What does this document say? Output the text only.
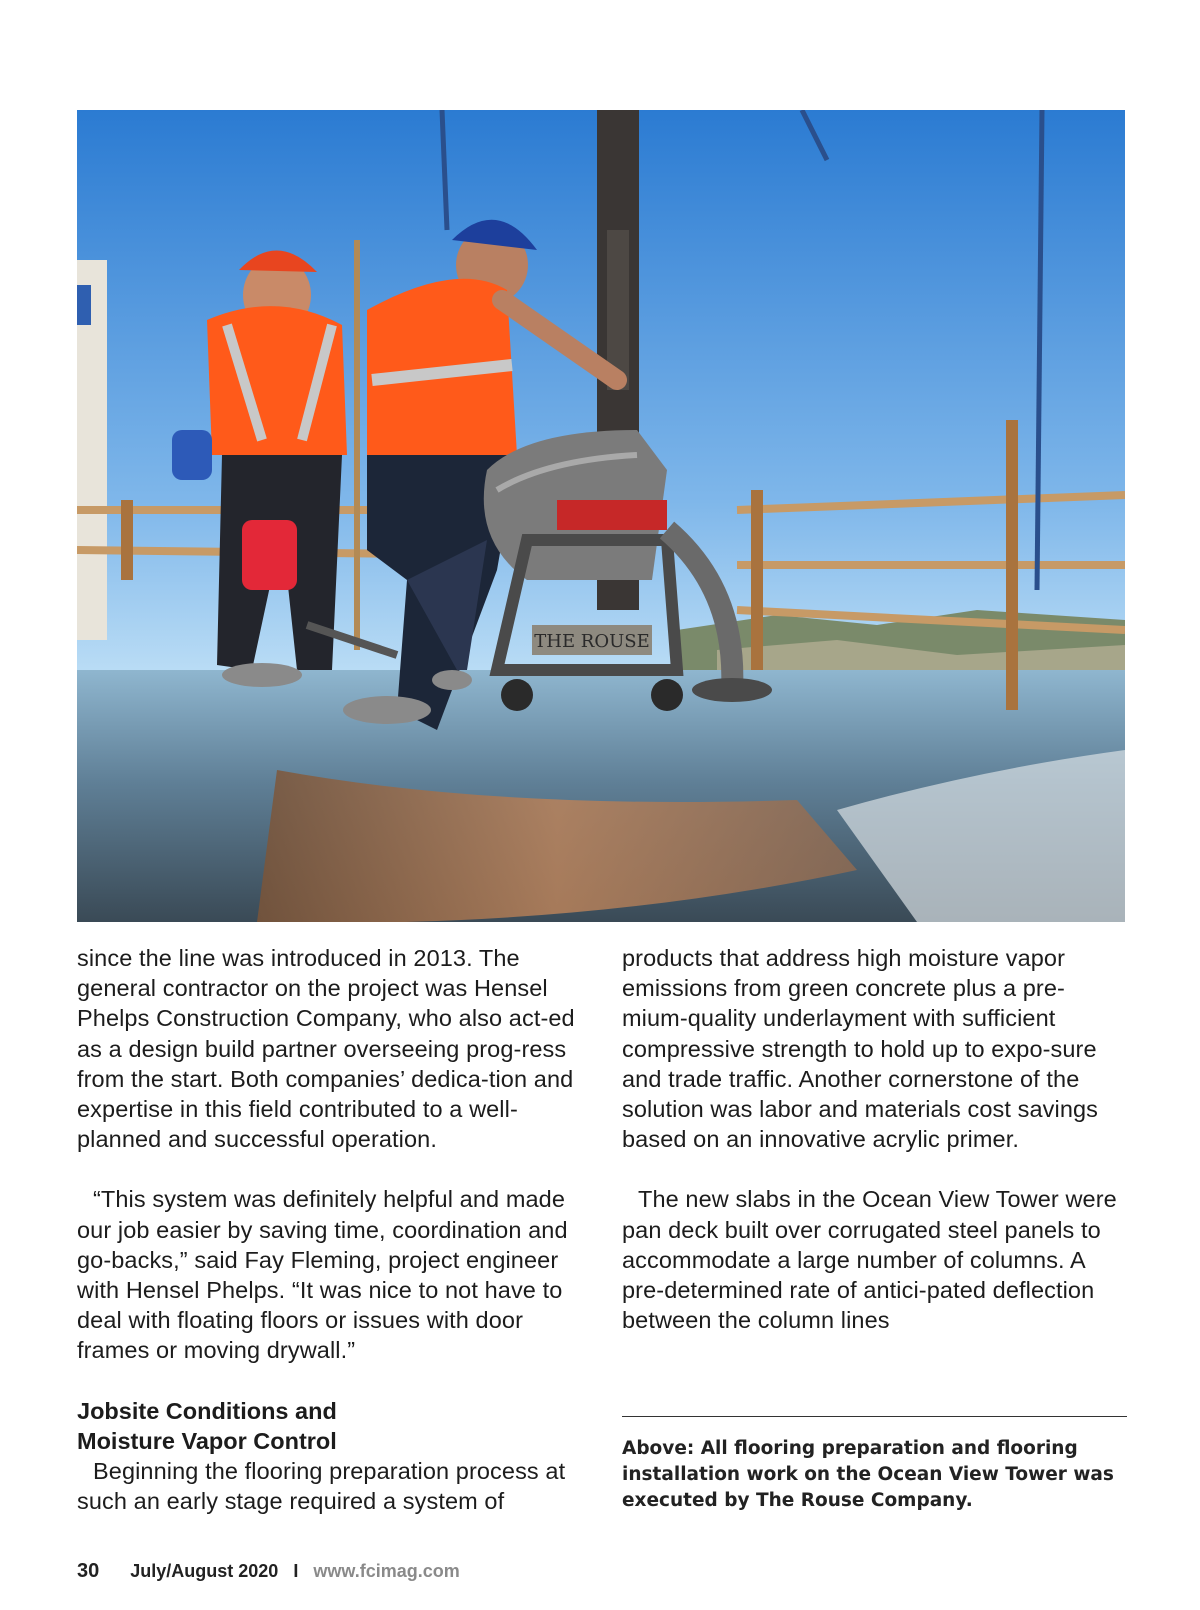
THE ROUSE

since the line was introduced in 2013. The general contractor on the project was Hensel Phelps Construction Company, who also act-ed as a design build partner overseeing prog-ress from the start. Both companies’ dedica-tion and expertise in this field contributed to a well-planned and successful operation.

“This system was definitely helpful and made our job easier by saving time, coordination and go-backs,” said Fay Fleming, project engineer with Hensel Phelps. “It was nice to not have to deal with floating floors or issues with door frames or moving drywall.”

Jobsite Conditions and

Moisture Vapor Control

Beginning the flooring preparation process at such an early stage required a system of

products that address high moisture vapor emissions from green concrete plus a pre-mium-quality underlayment with sufficient compressive strength to hold up to expo-sure and trade traffic. Another cornerstone of the solution was labor and materials cost savings based on an innovative acrylic primer.

The new slabs in the Ocean View Tower were pan deck built over corrugated steel panels to accommodate a large number of columns. A pre-determined rate of antici-pated deflection between the column lines

Above: All flooring preparation and flooring installation work on the Ocean View Tower was executed by The Rouse Company.
30 July/August 2020 I www.fcimag.com
